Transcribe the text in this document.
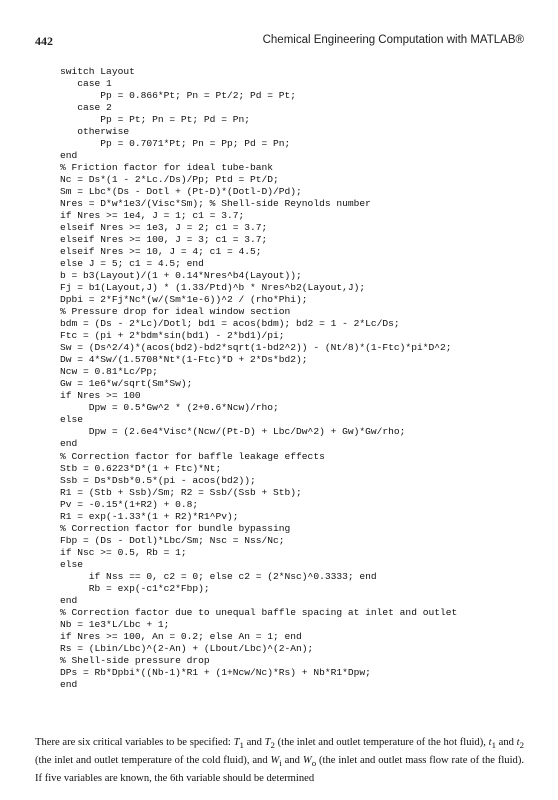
442	Chemical Engineering Computation with MATLAB®
switch Layout
case 1
Pp = 0.866*Pt; Pn = Pt/2; Pd = Pt;
case 2
Pp = Pt; Pn = Pt; Pd = Pn;
otherwise
Pp = 0.7071*Pt; Pn = Pp; Pd = Pn;
end
% Friction factor for ideal tube-bank
Nc = Ds*(1 - 2*Lc./Ds)/Pp; Ptd = Pt/D;
Sm = Lbc*(Ds - Dotl + (Pt-D)*(Dotl-D)/Pd);
Nres = D*w*1e3/(Visc*Sm); % Shell-side Reynolds number
if Nres >= 1e4, J = 1; c1 = 3.7;
elseif Nres >= 1e3, J = 2; c1 = 3.7;
elseif Nres >= 100, J = 3; c1 = 3.7;
elseif Nres >= 10, J = 4; c1 = 4.5;
else J = 5; c1 = 4.5; end
b = b3(Layout)/(1 + 0.14*Nres^b4(Layout));
Fj = b1(Layout,J) * (1.33/Ptd)^b * Nres^b2(Layout,J);
Dpbi = 2*Fj*Nc*(w/(Sm*1e-6))^2 / (rho*Phi);
% Pressure drop for ideal window section
bdm = (Ds - 2*Lc)/Dotl; bd1 = acos(bdm); bd2 = 1 - 2*Lc/Ds;
Ftc = (pi + 2*bdm*sin(bd1) - 2*bd1)/pi;
Sw = (Ds^2/4)*(acos(bd2)-bd2*sqrt(1-bd2^2)) - (Nt/8)*(1-Ftc)*pi*D^2;
Dw = 4*Sw/(1.5708*Nt*(1-Ftc)*D + 2*Ds*bd2);
Ncw = 0.81*Lc/Pp;
Gw = 1e6*w/sqrt(Sm*Sw);
if Nres >= 100
Dpw = 0.5*Gw^2 * (2+0.6*Ncw)/rho;
else
Dpw = (2.6e4*Visc*(Ncw/(Pt-D) + Lbc/Dw^2) + Gw)*Gw/rho;
end
% Correction factor for baffle leakage effects
Stb = 0.6223*D*(1 + Ftc)*Nt;
Ssb = Ds*Dsb*0.5*(pi - acos(bd2));
R1 = (Stb + Ssb)/Sm; R2 = Ssb/(Ssb + Stb);
Pv = -0.15*(1+R2) + 0.8;
R1 = exp(-1.33*(1 + R2)*R1^Pv);
% Correction factor for bundle bypassing
Fbp = (Ds - Dotl)*Lbc/Sm; Nsc = Nss/Nc;
if Nsc >= 0.5, Rb = 1;
else
if Nss == 0, c2 = 0; else c2 = (2*Nsc)^0.3333; end
Rb = exp(-c1*c2*Fbp);
end
% Correction factor due to unequal baffle spacing at inlet and outlet
Nb = 1e3*L/Lbc + 1;
if Nres >= 100, An = 0.2; else An = 1; end
Rs = (Lbin/Lbc)^(2-An) + (Lbout/Lbc)^(2-An);
% Shell-side pressure drop
DPs = Rb*Dpbi*((Nb-1)*R1 + (1+Ncw/Nc)*Rs) + Nb*R1*Dpw;
end

There are six critical variables to be specified: $T_1$ and $T_2$ (the inlet and outlet temperature of the hot fluid), $t_1$ and $t_2$ (the inlet and outlet temperature of the cold fluid), and $W_i$ and $W_o$ (the inlet and outlet mass flow rate of the fluid). If five variables are known, the 6th variable should be determined
